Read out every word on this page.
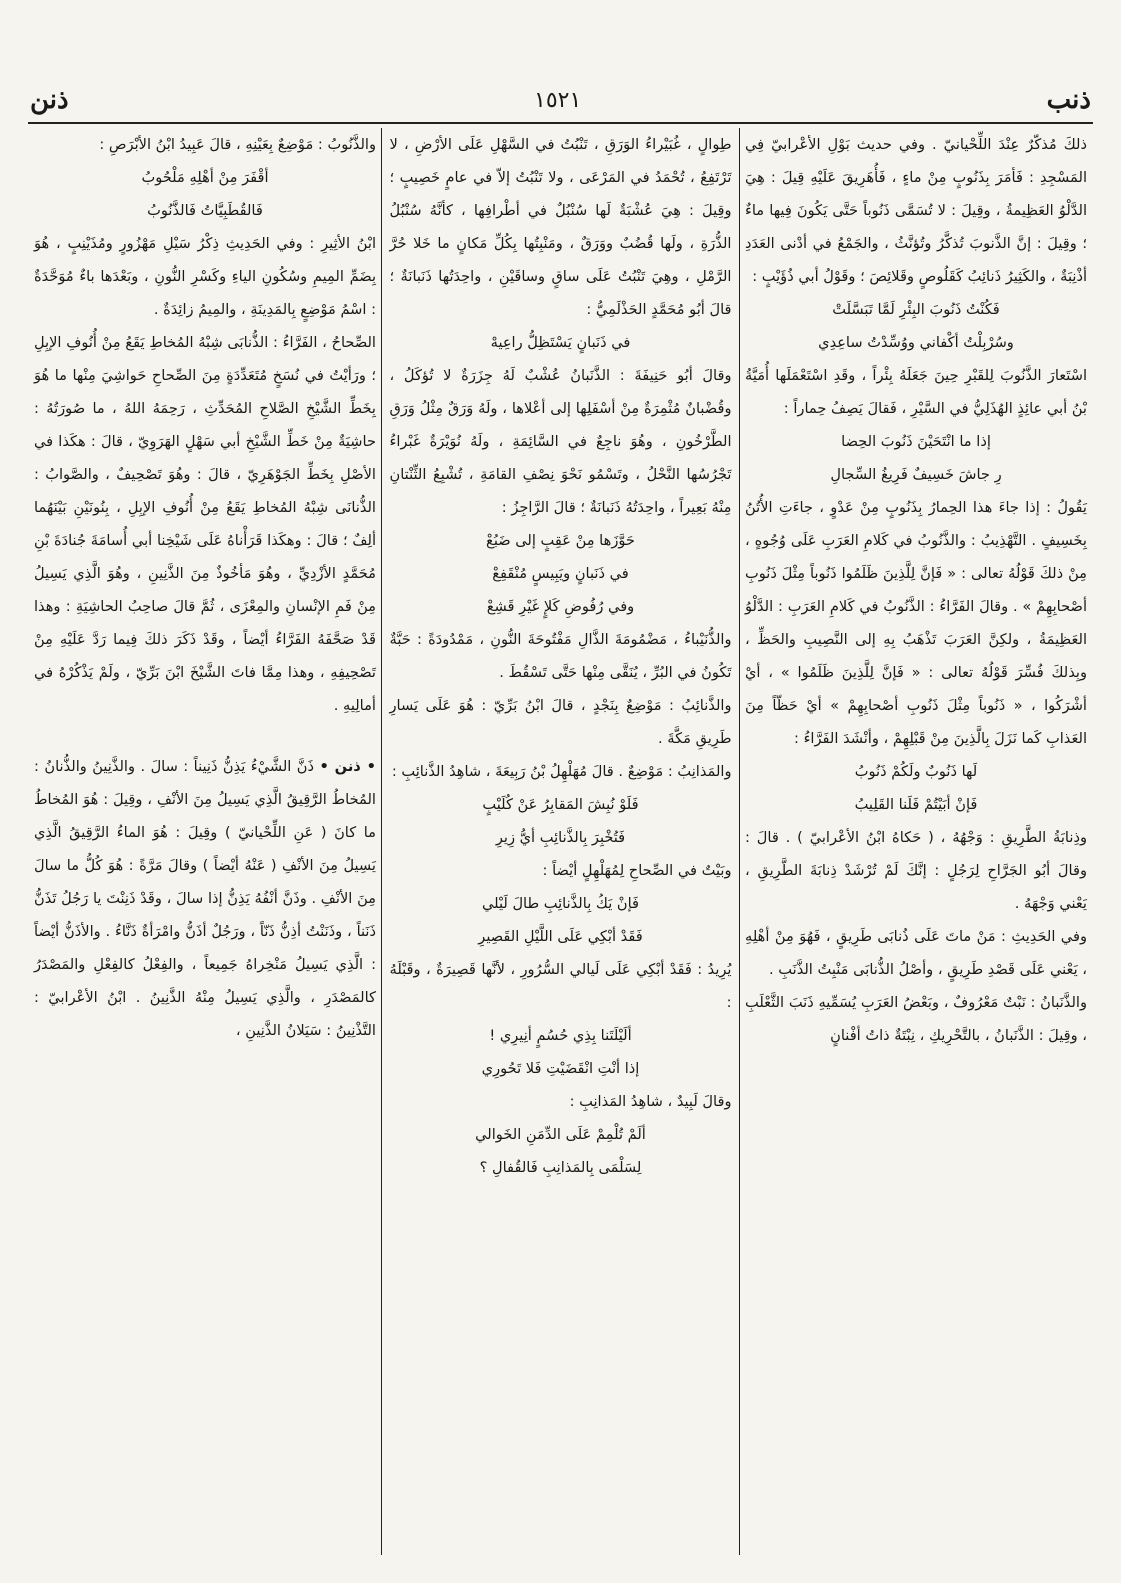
ذنب
١٥٢١
ذنن

ذلكَ مُذكّرٌ عِنْدَ اللِّحْيانيّ . وفي حديث بَوْلِ الأعْرابيّ فِي المَسْجِدِ : فَأمَرَ بِذَنُوبٍ مِنْ ماءٍ ، فَأُهَرِيقَ عَلَيْهِ قِيلَ : هِيَ الدَّلْوُ العَظِيمةُ ، وقِيلَ : لا تُسَمَّى ذَنُوباً حَتَّى يَكُونَ فِيها ماءٌ ؛ وقِيلَ : إنَّ الذَّنوبَ تُذكَّرُ وتُؤنَّثُ ، والجَمْعُ في أدْنى العَدَدِ أذْنِبَةٌ ، والكَثِيرُ ذَنائِبُ كَقَلُوصٍ وقَلائِصَ ؛ وقَوْلُ أبي ذُؤَيْبٍ :

فَكُنْتُ ذَنُوبَ البِئْرِ لَمَّا تَبَسَّلَتْ

وسُرْبِلْتُ أكْفاني ووُسِّدْتُ ساعِدِي

اسْتَعارَ الذَّنُوبَ لِلقَبْرِ حِينَ جَعَلَهُ بِئْراً ، وقَدِ اسْتَعْمَلَها أُمَيَّةُ بْنُ أبي عائِذٍ الهُذَلِيُّ في السَّيْرِ ، فَقالَ يَصِفُ حِماراً :

إذا ما انْتَحَيْنَ ذَنُوبَ الحِضا

رِ جاشَ خَسِيفٌ فَرِيغُ السِّجالِ

يَقُولُ : إذا جاءَ هذا الحِمارُ بِذَنُوبٍ مِنْ عَدْوٍ ، جاءَتِ الأُتُنُ بِخَسِيفٍ . التَّهْذِيبُ : والذَّنُوبُ في كَلامِ العَرَبِ عَلَى وُجُوهٍ ، مِنْ ذلكَ قَوْلُهُ تعالى : « فَإنَّ لِلَّذِينَ ظَلَمُوا ذَنُوباً مِثْلَ ذَنُوبِ أصْحابِهِمْ » . وقالَ الفَرَّاءُ : الذَّنُوبُ في كَلامِ العَرَبِ : الدَّلْوُ العَظِيمَةُ ، ولكِنَّ العَرَبَ تَذْهَبُ بِهِ إلى النَّصِيبِ والحَظِّ ، وبِذلكَ فُسِّرَ قَوْلُهُ تعالى : « فَإنَّ لِلَّذِينَ ظَلَمُوا » ، أيْ أشْرَكُوا ، « ذَنُوباً مِثْلَ ذَنُوبِ أصْحابِهِمْ » أيْ حَظّاً مِنَ العَذابِ كَما نَزَلَ بِالَّذِينَ مِنْ قَبْلِهِمْ ، وأنْشَدَ الفَرَّاءُ :

لَها ذَنُوبٌ ولَكُمْ ذَنُوبُ

فَإنْ أبَيْتُمْ فَلَنا القَلِيبُ

وذِنابَةُ الطَّرِيقِ : وَجْهُهُ ، ( حَكاهُ ابْنُ الأعْرابيّ ) . قالَ : وقالَ أبُو الجَرَّاحِ لِرَجُلٍ : إنَّكَ لَمْ تُرْشَدْ ذِنابَةَ الطَّرِيقِ ، يَعْني وَجْهَهُ .

وفي الحَدِيثِ : مَنْ ماتَ عَلَى ذُنابَى طَرِيقٍ ، فَهُوَ مِنْ أهْلِهِ ، يَعْني عَلَى قَصْدِ طَرِيقٍ ، وأصْلُ الذُّنابَى مَنْبِتُ الذَّنَبِ .

والذَّنَبانُ : نَبْتٌ مَعْرُوفٌ ، وبَعْضُ العَرَبِ يُسَمِّيهِ ذَنَبَ الثَّعْلَبِ ، وقِيلَ : الذَّنَبانُ ، بالتَّحْرِيكِ ، نِبْتَةٌ ذاتُ أفْنانٍ

طِوالٍ ، غُبَيْراءُ الوَرَقِ ، تَنْبُتُ في السَّهْلِ عَلَى الأرْضِ ، لا تَرْتَفِعُ ، تُحْمَدُ في المَرْعَى ، ولا تَنْبُتُ إلاّ في عامٍ خَصِيبٍ ؛ وقِيلَ : هِيَ عُشْبَةٌ لَها سُنْبُلٌ في أطْرافِها ، كأنَّهُ سُنْبُلُ الذُّرَةِ ، ولَها قُضُبٌ ووَرَقٌ ، ومَنْبِتُها بِكُلِّ مَكانٍ ما خَلا حُرَّ الرَّمْلِ ، وهِيَ تَنْبُتُ عَلَى ساقٍ وساقَيْنِ ، واحِدَتُها ذَنَبانَةٌ ؛ قالَ أبُو مُحَمَّدٍ الحَذْلَمِيُّ :

في ذَنَبانٍ يَسْتَظِلُّ راعِيهْ

وقالَ أبُو حَنِيفَةَ : الذَّنَبانُ عُشْبٌ لَهُ جِزَرَةٌ لا تُؤكَلُ ، وقُضْبانٌ مُثْمِرَةٌ مِنْ أسْفَلِها إلى أعْلاها ، ولَهُ وَرَقٌ مِثْلُ وَرَقِ الطَّرْخُونِ ، وهُوَ ناجِعٌ في السَّائِمَةِ ، ولَهُ نُوَيْرَةٌ غَبْراءُ تَجْرُسُها النَّحْلُ ، وتَسْمُو نَحْوَ نِصْفِ القامَةِ ، تُشْبِعُ الثِّنْتانِ مِنْهُ بَعِيراً ، واحِدَتُهُ ذَنَبانَةٌ ؛ قالَ الرَّاجِزُ :

حَوَّزَها مِنْ عَقِبٍ إلى ضَبُعْ

في ذَنَبانٍ ويَبِيسٍ مُنْقَفِعْ

وفي رُفُوضِ كَلإٍ غَيْرِ قَشِعْ

والذُّنَيْباءُ ، مَضْمُومَةَ الذَّالِ مَفْتُوحَةَ النُّونِ ، مَمْدُودَةً : حَبَّةٌ تَكُونُ في البُرِّ ، يُنَقَّى مِنْها حَتَّى تَسْقُطَ .

والذَّنائِبُ : مَوْضِعٌ بِنَجْدٍ ، قالَ ابْنُ بَرِّيّ : هُوَ عَلَى يَسارِ طَرِيقِ مَكَّةَ .

والمَذانِبُ : مَوْضِعٌ . قالَ مُهَلْهِلُ بْنُ رَبِيعَةَ ، شاهِدُ الذَّنائِبِ :

فَلَوْ نُبِشَ المَقابِرُ عَنْ كُلَيْبٍ

فَتُخْبِرَ بِالذَّنائِبِ أيُّ زِيرِ

وبَيْتٌ في الصِّحاحِ لِمُهَلْهِلٍ أيْضاً :

فَإنْ يَكُ بِالذَّنائِبِ طالَ لَيْلي

فَقَدْ أبْكِي عَلَى اللَّيْلِ القَصِيرِ

يُرِيدُ : فَقَدْ أبْكِي عَلَى لَيالي السُّرُورِ ، لأنَّها قَصِيرَةٌ ، وقَبْلَهُ :

ألَيْلَتَنا بِذِي حُسُمٍ أنِيرِي !

إذا أنْتِ انْقَضَيْتِ فَلا تَحُورِي

وقالَ لَبِيدٌ ، شاهِدُ المَذانِبِ :

ألَمْ تُلْمِمْ عَلَى الدِّمَنِ الخَوالي

لِسَلْمَى بِالمَذانِبِ فَالقُفالِ ؟

والذَّنُوبُ : مَوْضِعٌ بِعَيْنِهِ ، قالَ عَبِيدُ ابْنُ الأبْرَصِ :

أقْفَرَ مِنْ أهْلِهِ مَلْحُوبُ

فَالقُطَبِيَّاتُ فَالذَّنُوبُ

ابْنُ الأثِيرِ : وفي الحَدِيثِ ذِكْرُ سَيْلِ مَهْزُورٍ ومُذَيْنِبٍ ، هُوَ بِضَمِّ المِيمِ وسُكُونِ الياءِ وكَسْرِ النُّونِ ، وبَعْدَها باءٌ مُوَحَّدَةٌ : اسْمُ مَوْضِعٍ بِالمَدِينَةِ ، والمِيمُ زائِدَةٌ .

الصِّحاحُ ، الفَرَّاءُ : الذُّنابَى شِبْهُ المُخاطِ يَقَعُ مِنْ أُنُوفِ الإبِلِ ؛ ورَأيْتُ في نُسَخٍ مُتَعَدِّدَةٍ مِنَ الصِّحاحِ حَواشِيَ مِنْها ما هُوَ بِخَطِّ الشَّيْخِ الصَّلاحِ المُحَدِّثِ ، رَحِمَهُ اللهُ ، ما صُورَتُهُ : حاشِيَةٌ مِنْ خَطِّ الشَّيْخِ أبي سَهْلٍ الهَرَوِيّ ، قالَ : هكَذا في الأصْلِ بِخَطِّ الجَوْهَرِيّ ، قالَ : وهُوَ تَصْحِيفٌ ، والصَّوابُ : الذُّنانَى شِبْهُ المُخاطِ يَقَعُ مِنْ أُنُوفِ الإبِلِ ، بِنُونَيْنِ بَيْنَهُما ألِفٌ ؛ قالَ : وهكَذا قَرَأْناهُ عَلَى شَيْخِنا أبي أُسامَةَ جُنادَةَ بْنِ مُحَمَّدٍ الأزْدِيِّ ، وهُوَ مَأخُوذٌ مِنَ الذَّنِينِ ، وهُوَ الَّذِي يَسِيلُ مِنْ فَمِ الإنْسانِ والمِعْزَى ، ثُمَّ قالَ صاحِبُ الحاشِيَةِ : وهذا قَدْ صَحَّفَهُ الفَرَّاءُ أيْضاً ، وقَدْ ذَكَرَ ذلكَ فِيما رَدَّ عَلَيْهِ مِنْ تَصْحِيفِهِ ، وهذا مِمَّا فاتَ الشَّيْخَ ابْنَ بَرِّيّ ، ولَمْ يَذْكُرْهُ في أمالِيهِ .

• ذنن • ذَنَّ الشَّيْءُ يَذِنُّ ذَنِيناً : سالَ . والذَّنِينُ والذُّنانُ : المُخاطُ الرَّقِيقُ الَّذِي يَسِيلُ مِنَ الأنْفِ ، وقِيلَ : هُوَ المُخاطُ ما كانَ ( عَنِ اللِّحْيانيّ ) وقِيلَ : هُوَ الماءُ الرَّقِيقُ الَّذِي يَسِيلُ مِنَ الأنْفِ ( عَنْهُ أيْضاً ) وقالَ مَرَّةً : هُوَ كُلُّ ما سالَ مِنَ الأنْفِ . وذَنَّ أنْفُهُ يَذِنُّ إذا سالَ ، وقَدْ ذَنِنْتَ يا رَجُلُ تَذَنُّ ذَنَناً ، وذَنَنْتُ أذِنُّ ذَنّاً ، ورَجُلٌ أذَنُّ وامْرَأةٌ ذَنَّاءُ . والأذَنُّ أيْضاً : الَّذِي يَسِيلُ مَنْخِراهُ جَمِيعاً ، والفِعْلُ كالفِعْلِ والمَصْدَرُ كالمَصْدَرِ ، والَّذِي يَسِيلُ مِنْهُ الذَّنِينُ . ابْنُ الأعْرابيّ : التَّذْنِينُ : سَيَلانُ الذَّنِينِ ،
